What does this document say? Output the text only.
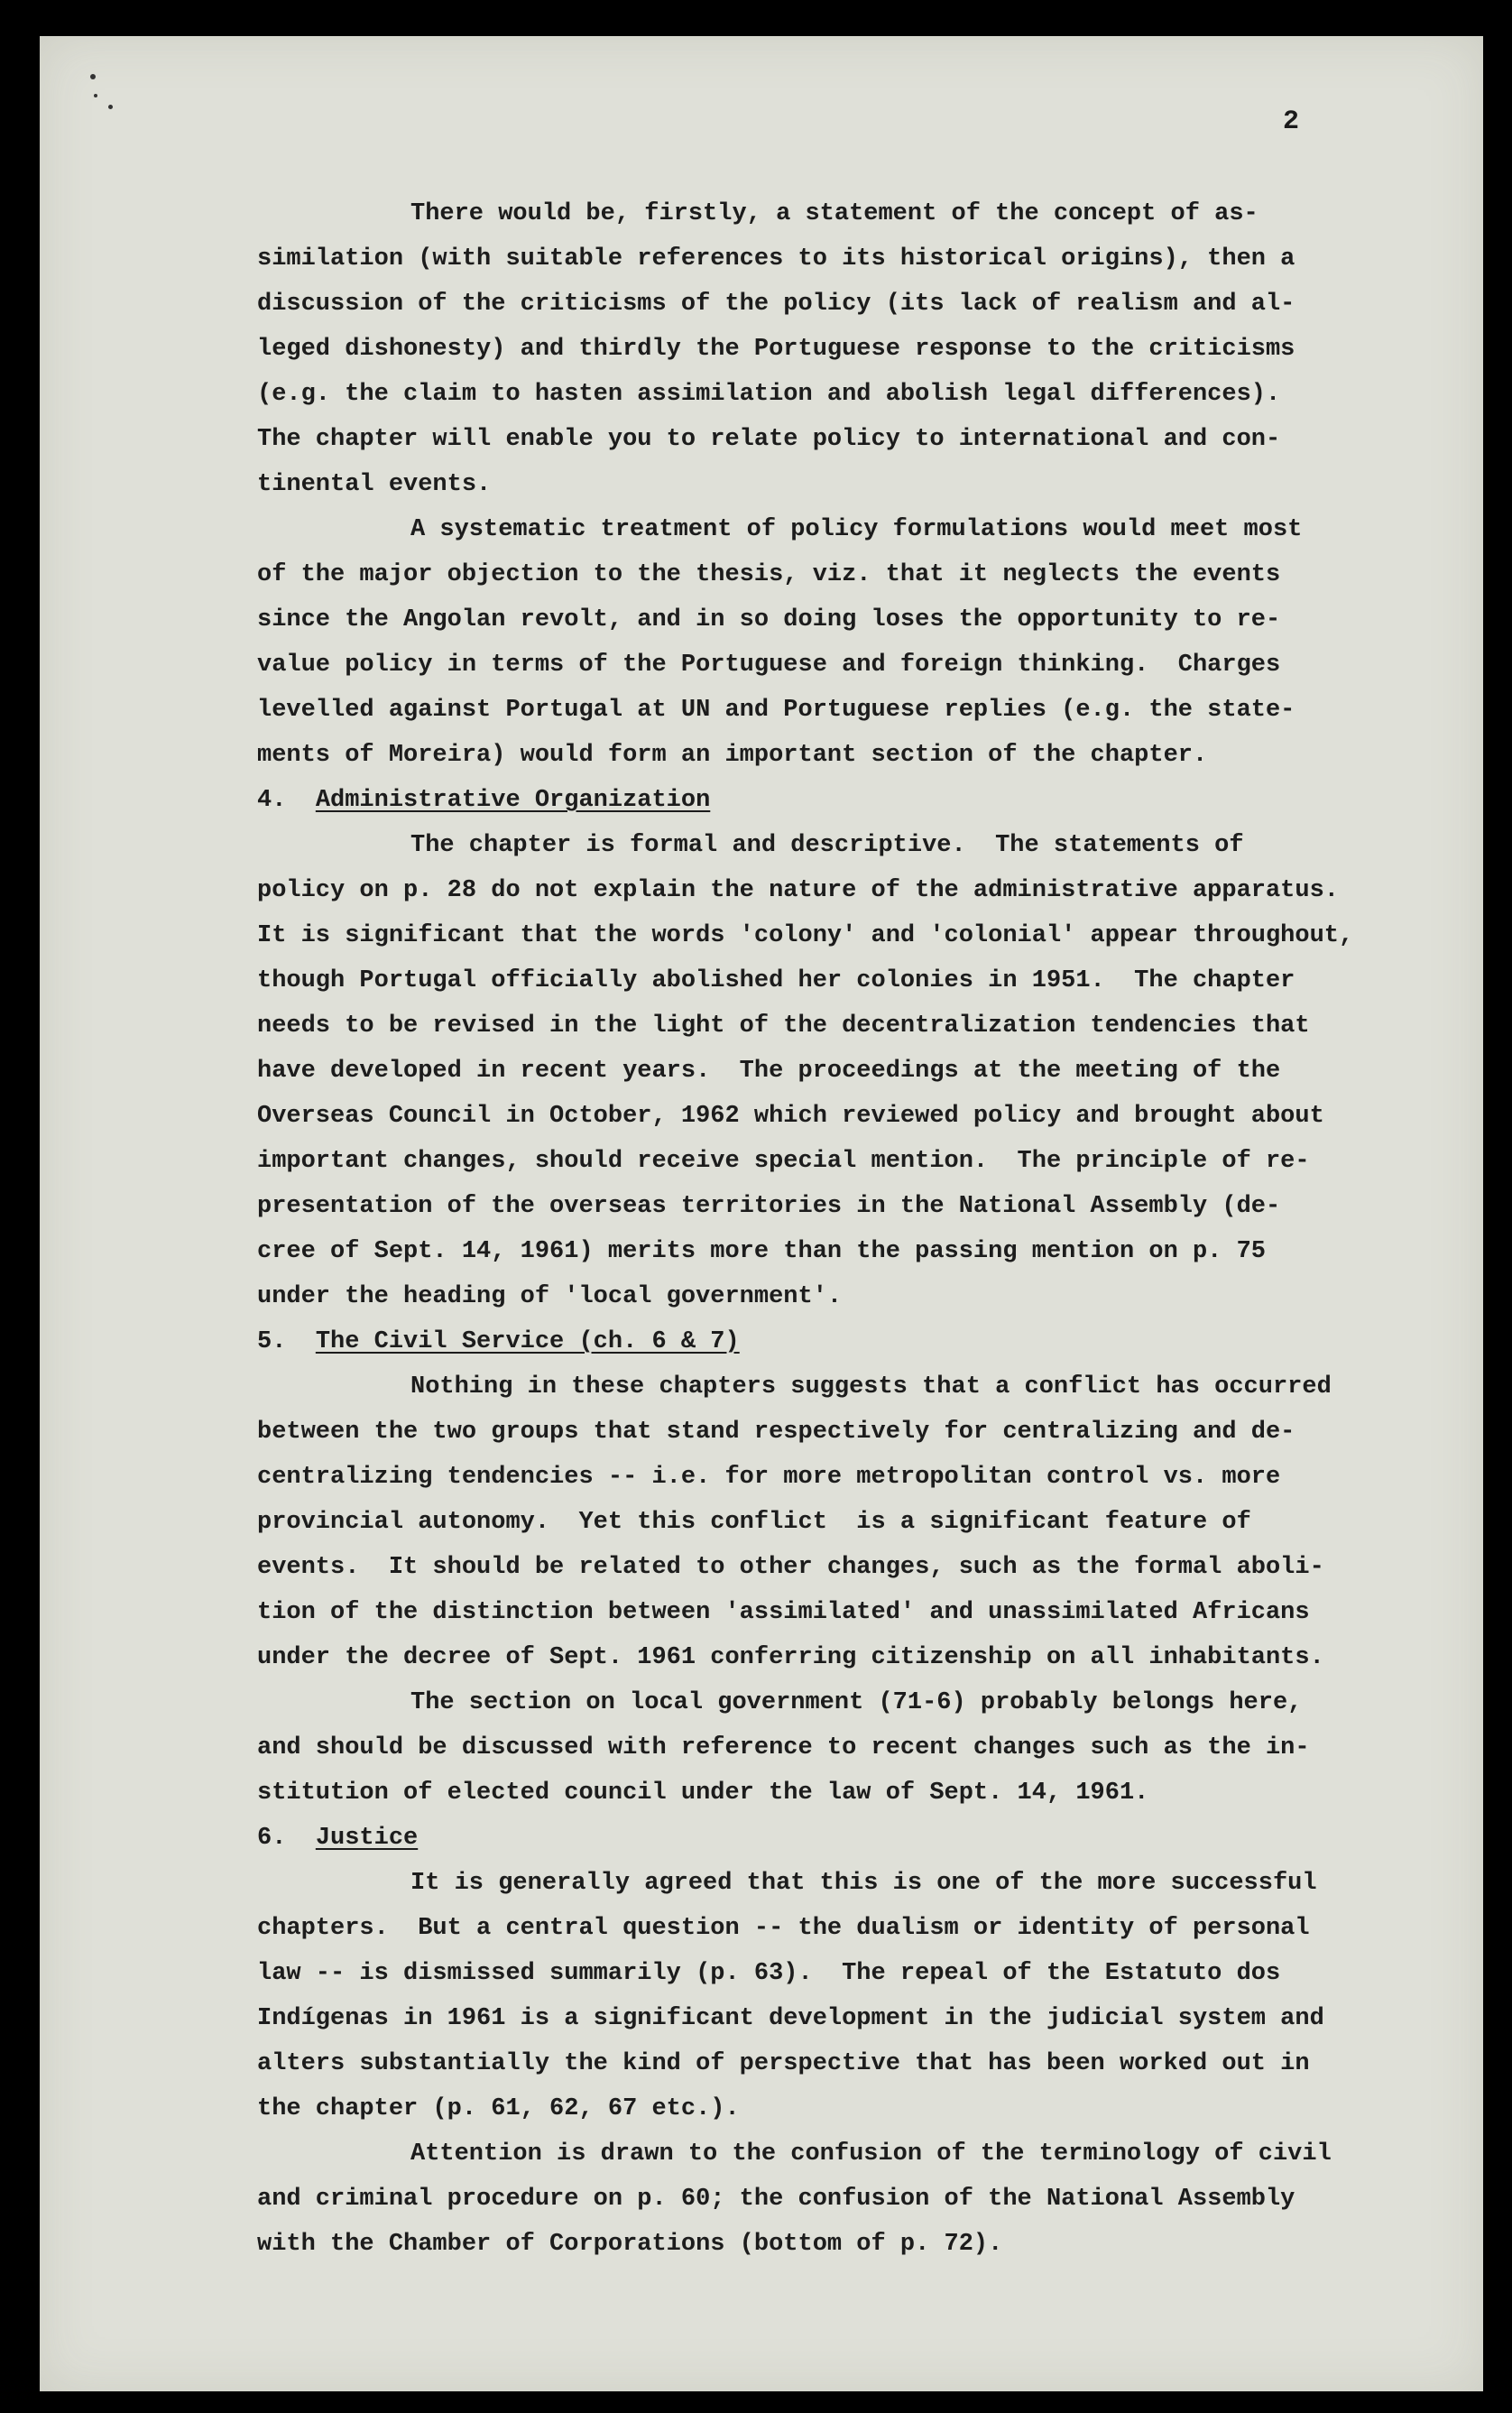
2
There would be, firstly, a statement of the concept of as-
similation (with suitable references to its historical origins), then a
discussion of the criticisms of the policy (its lack of realism and al-
leged dishonesty) and thirdly the Portuguese response to the criticisms
(e.g. the claim to hasten assimilation and abolish legal differences).
The chapter will enable you to relate policy to international and con-
tinental events.
A systematic treatment of policy formulations would meet most
of the major objection to the thesis, viz. that it neglects the events
since the Angolan revolt, and in so doing loses the opportunity to re-
value policy in terms of the Portuguese and foreign thinking.  Charges
levelled against Portugal at UN and Portuguese replies (e.g. the state-
ments of Moreira) would form an important section of the chapter.
4. Administrative Organization
The chapter is formal and descriptive.  The statements of
policy on p. 28 do not explain the nature of the administrative apparatus.
It is significant that the words 'colony' and 'colonial' appear throughout,
though Portugal officially abolished her colonies in 1951.  The chapter
needs to be revised in the light of the decentralization tendencies that
have developed in recent years.  The proceedings at the meeting of the
Overseas Council in October, 1962 which reviewed policy and brought about
important changes, should receive special mention.  The principle of re-
presentation of the overseas territories in the National Assembly (de-
cree of Sept. 14, 1961) merits more than the passing mention on p. 75
under the heading of 'local government'.
5. The Civil Service (ch. 6 & 7)
Nothing in these chapters suggests that a conflict has occurred
between the two groups that stand respectively for centralizing and de-
centralizing tendencies -- i.e. for more metropolitan control vs. more
provincial autonomy.  Yet this conflict  is a significant feature of
events.  It should be related to other changes, such as the formal aboli-
tion of the distinction between 'assimilated' and unassimilated Africans
under the decree of Sept. 1961 conferring citizenship on all inhabitants.
The section on local government (71-6) probably belongs here,
and should be discussed with reference to recent changes such as the in-
stitution of elected council under the law of Sept. 14, 1961.
6. Justice
It is generally agreed that this is one of the more successful
chapters.  But a central question -- the dualism or identity of personal
law -- is dismissed summarily (p. 63).  The repeal of the Estatuto dos
Indígenas in 1961 is a significant development in the judicial system and
alters substantially the kind of perspective that has been worked out in
the chapter (p. 61, 62, 67 etc.).
Attention is drawn to the confusion of the terminology of civil
and criminal procedure on p. 60; the confusion of the National Assembly
with the Chamber of Corporations (bottom of p. 72).
